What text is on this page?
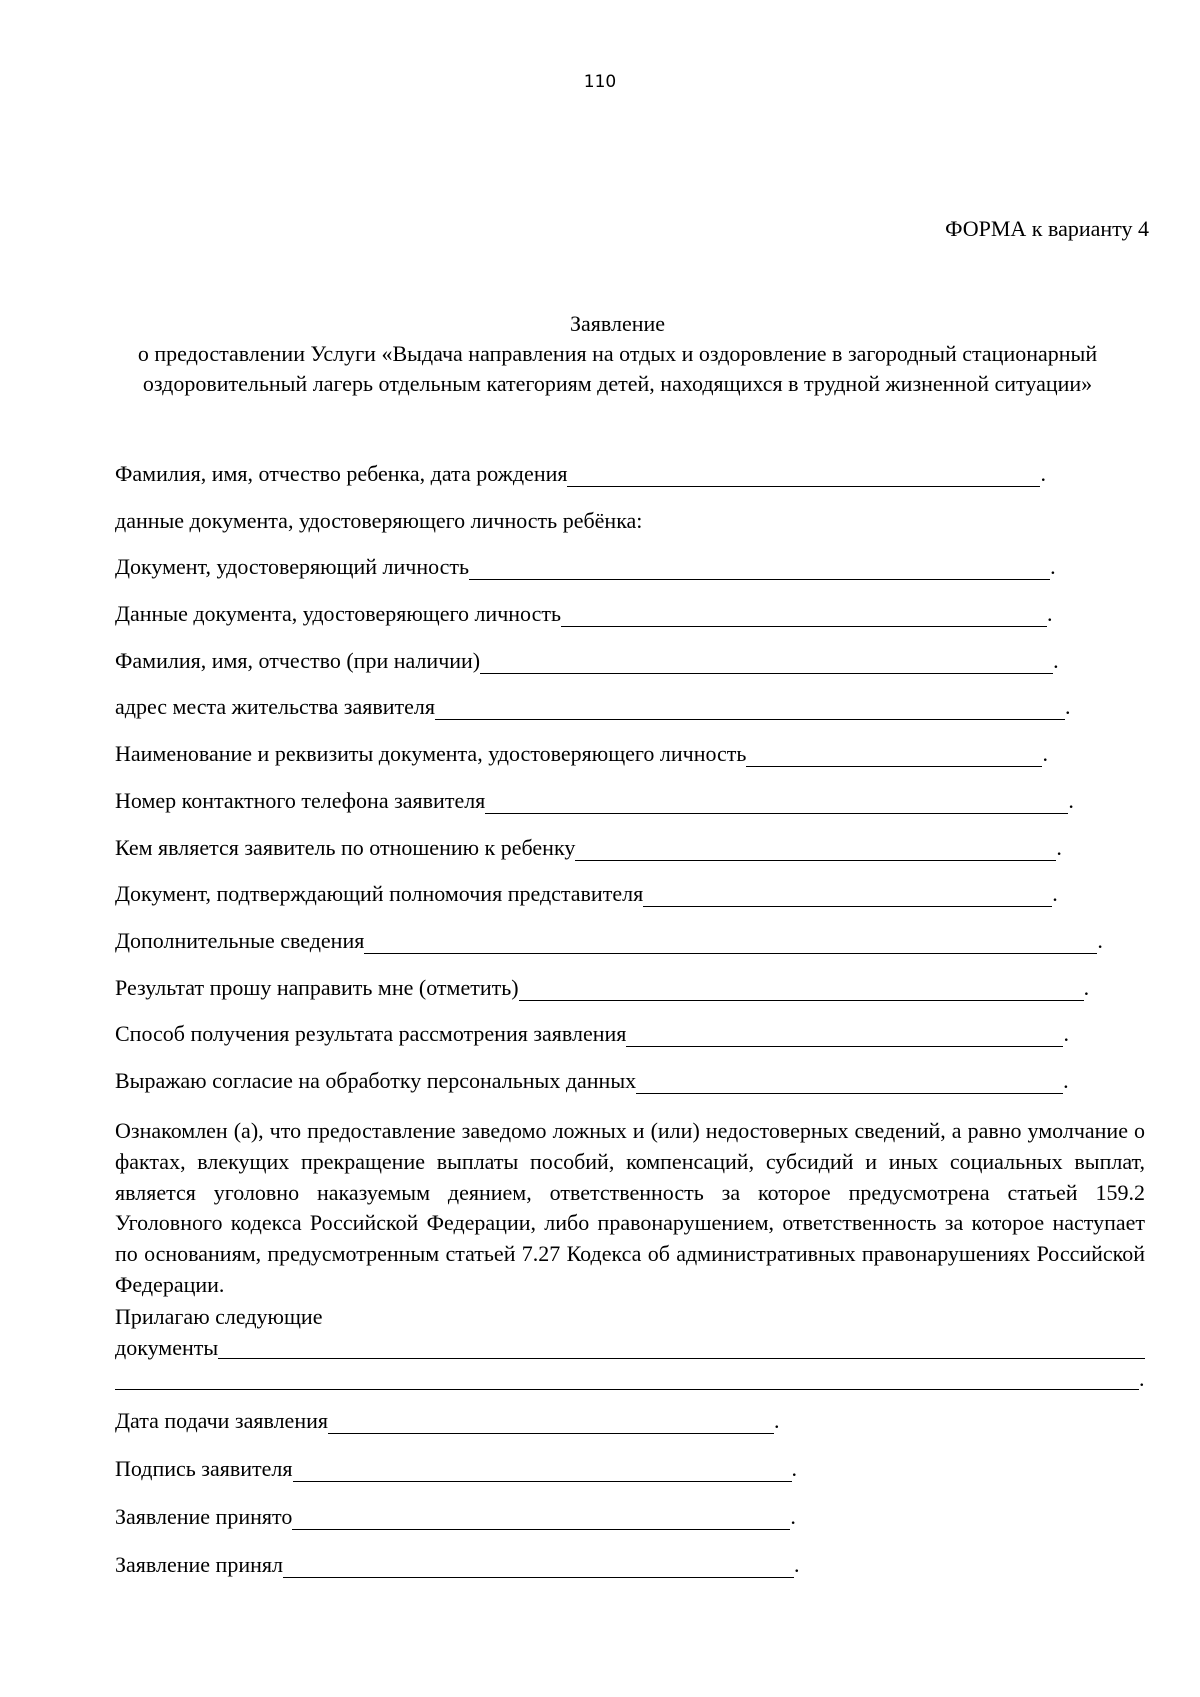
110
ФОРМА к варианту 4
Заявление
о предоставлении Услуги «Выдача направления на отдых и оздоровление в загородный стационарный оздоровительный лагерь отдельным категориям детей, находящихся в трудной жизненной ситуации»
Фамилия, имя, отчество ребенка, дата рождения	.
данные документа, удостоверяющего личность ребёнка:
Документ, удостоверяющий личность	.
Данные документа, удостоверяющего личность	.
Фамилия, имя, отчество (при наличии)	.
адрес места жительства заявителя	.
Наименование и реквизиты документа, удостоверяющего личность	.
Номер контактного телефона заявителя	.
Кем является заявитель по отношению к ребенку	.
Документ, подтверждающий полномочия представителя	.
Дополнительные сведения	.
Результат прошу направить мне (отметить)	.
Способ получения результата рассмотрения заявления	.
Выражаю согласие на обработку персональных данных	.
Ознакомлен (а), что предоставление заведомо ложных и (или) недостоверных сведений, а равно умолчание о фактах, влекущих прекращение выплаты пособий, компенсаций, субсидий и иных социальных выплат, является уголовно наказуемым деянием, ответственность за которое предусмотрена статьей 159.2 Уголовного кодекса Российской Федерации, либо правонарушением, ответственность за которое наступает по основаниям, предусмотренным статьей 7.27 Кодекса об административных правонарушениях Российской Федерации.
Прилагаю следующие
документы
.
Дата подачи заявления	.
Подпись заявителя	.
Заявление принято	.
Заявление принял	.
